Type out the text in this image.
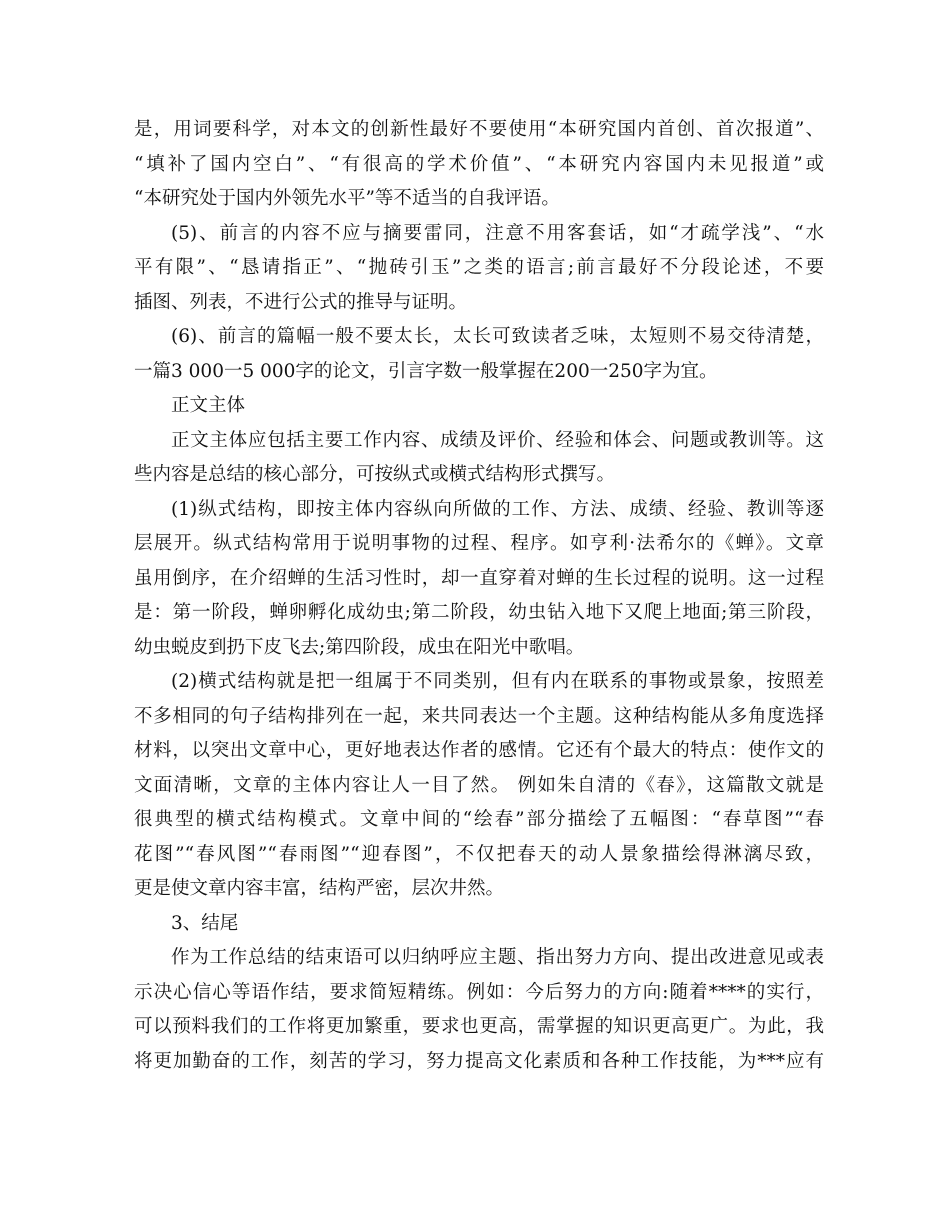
是，用词要科学，对本文的创新性最好不要使用“本研究国内首创、首次报道”、
“填补了国内空白”、“有很高的学术价值”、“本研究内容国内未见报道”或
“本研究处于国内外领先水平”等不适当的自我评语。
(5)、前言的内容不应与摘要雷同，注意不用客套话，如“才疏学浅”、“水
平有限”、“恳请指正”、“抛砖引玉”之类的语言;前言最好不分段论述，不要
插图、列表，不进行公式的推导与证明。
(6)、前言的篇幅一般不要太长，太长可致读者乏味，太短则不易交待清楚，
一篇3 000一5 000字的论文，引言字数一般掌握在200一250字为宜。
正文主体
正文主体应包括主要工作内容、成绩及评价、经验和体会、问题或教训等。这
些内容是总结的核心部分，可按纵式或横式结构形式撰写。
(1)纵式结构，即按主体内容纵向所做的工作、方法、成绩、经验、教训等逐
层展开。纵式结构常用于说明事物的过程、程序。如亨利·法希尔的《蝉》。文章
虽用倒序，在介绍蝉的生活习性时，却一直穿着对蝉的生长过程的说明。这一过程
是：第一阶段，蝉卵孵化成幼虫;第二阶段，幼虫钻入地下又爬上地面;第三阶段，
幼虫蜕皮到扔下皮飞去;第四阶段，成虫在阳光中歌唱。
(2)横式结构就是把一组属于不同类别，但有内在联系的事物或景象，按照差
不多相同的句子结构排列在一起，来共同表达一个主题。这种结构能从多角度选择
材料，以突出文章中心，更好地表达作者的感情。它还有个最大的特点：使作文的
文面清晰，文章的主体内容让人一目了然。 例如朱自清的《春》，这篇散文就是
很典型的横式结构模式。文章中间的“绘春”部分描绘了五幅图：“春草图”“春
花图”“春风图”“春雨图”“迎春图”，不仅把春天的动人景象描绘得淋漓尽致，
更是使文章内容丰富，结构严密，层次井然。
3、结尾
作为工作总结的结束语可以归纳呼应主题、指出努力方向、提出改进意见或表
示决心信心等语作结，要求简短精练。例如：今后努力的方向:随着****的实行，
可以预料我们的工作将更加繁重，要求也更高，需掌握的知识更高更广。为此，我
将更加勤奋的工作，刻苦的学习，努力提高文化素质和各种工作技能，为***应有
